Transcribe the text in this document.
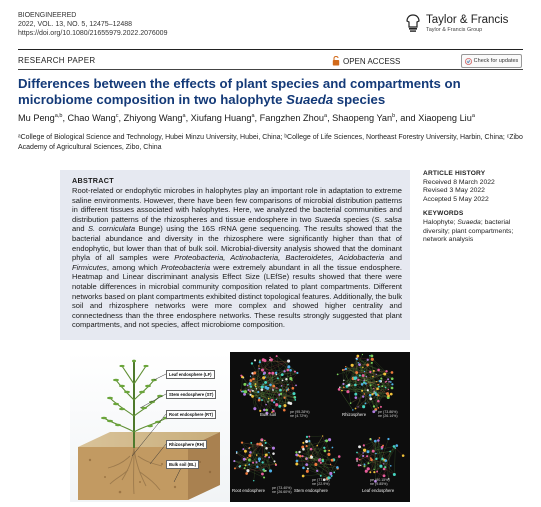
BIOENGINEERED
2022, VOL. 13, NO. 5, 12475–12488
https://doi.org/10.1080/21655979.2022.2076009
Taylor & Francis
Taylor & Francis Group
RESEARCH PAPER	OPEN ACCESS	Check for updates
Differences between the effects of plant species and compartments on microbiome composition in two halophyte Suaeda species
Mu Peng$^{a,b}$, Chao Wang$^c$, Zhiyong Wang$^a$, Xiufang Huang$^a$, Fangzhen Zhou$^a$, Shaopeng Yan$^b$, and Xiaopeng Liu$^a$
ᵃCollege of Biological Science and Technology, Hubei Minzu University, Hubei, China; ᵇCollege of Life Sciences, Northeast Forestry University, Harbin, China; ᶜZibo Academy of Agricultural Sciences, Zibo, China
ABSTRACT
Root-related or endophytic microbes in halophytes play an important role in adaptation to extreme saline environments. However, there have been few comparisons of microbial distribution patterns in different tissues associated with halophytes. Here, we analyzed the bacterial communities and distribution patterns of the rhizospheres and tissue endosphere in two Suaeda species (S. salsa and S. corniculata Bunge) using the 16S rRNA gene sequencing. The results showed that the bacterial abundance and diversity in the rhizosphere were significantly higher than that of endophytic, but lower than that of bulk soil. Microbial-diversity analysis showed that the dominant phyla of all samples were Proteobacteria, Actinobacteria, Bacteroidetes, Acidobacteria and Firmicutes, among which Proteobacteria were extremely abundant in all the tissue endosphere. Heatmap and Linear discriminant analysis Effect Size (LEfSe) results showed that there were notable differences in microbial community composition related to plant compartments. Different networks based on plant compartments exhibited distinct topological features. Additionally, the bulk soil and rhizosphere networks were more complex and showed higher centrality and connectedness than the three endosphere networks. These results strongly suggested that plant compartments, and not species, affect microbiome composition.
ARTICLE HISTORY
Received 8 March 2022
Revised 3 May 2022
Accepted 5 May 2022
KEYWORDS
Halophyte; Suaeda; bacterial diversity; plant compartments; network analysis
Leaf endosphere (LF)
Stem endosphere (ST)
Root endosphere (RT)
Rhizosphere (RH)
Bulk soil (BL)
Bulk soil	pe (95.28%)
ne (4.72%)	Rhizosphere	pe (73.86%)
ne (26.14%)
Root endosphere pe (73.40%)
ne (26.60%) Stem endosphere
pe (77.1%)
ne (22.9%)
Leaf endosphere
pe (90.15%)
ne (9.85%)
